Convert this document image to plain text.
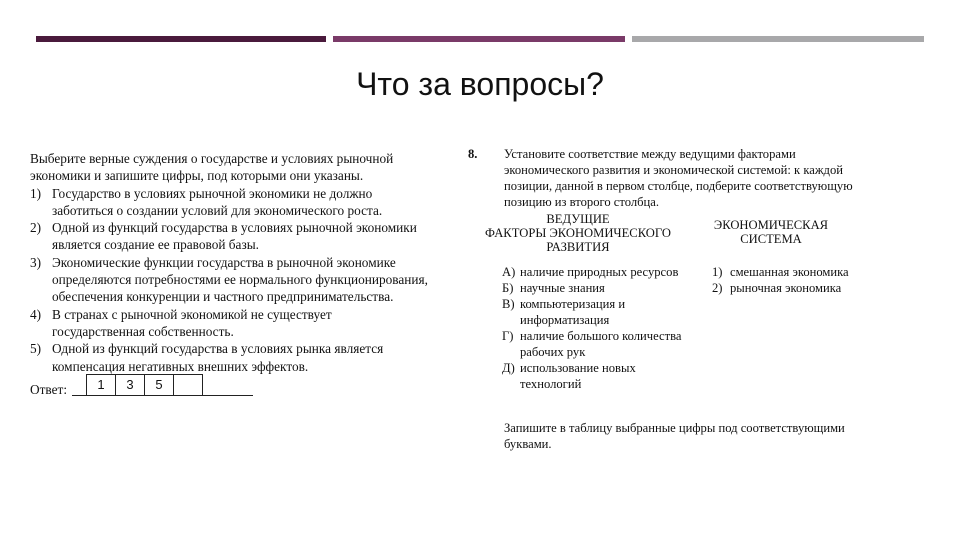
Что за вопросы?

Выберите верные суждения о государстве и условиях рыночной

экономики и запишите цифры, под которыми они указаны.

1) Государство в условиях рыночной экономики не должно заботиться о создании условий для экономического роста.
2) Одной из функций государства в условиях рыночной экономики является создание ее правовой базы.
3) Экономические функции государства в рыночной экономике определяются потребностями ее нормального функционирования, обеспечения конкуренции и частного предпринимательства.
4) В странах с рыночной экономикой не существует государственная собственность.
5) Одной из функций государства в условиях рынка является компенсация негативных внешних эффектов.
Ответ:	1	3	5
8. Установите соответствие между ведущими факторами экономического развития и экономической системой: к каждой позиции, данной в первом столбце, подберите соответствующую позицию из второго столбца.
ВЕДУЩИЕ
ФАКТОРЫ ЭКОНОМИЧЕСКОГО
РАЗВИТИЯ
ЭКОНОМИЧЕСКАЯ
СИСТЕМА
А) наличие природных ресурсов
Б) научные знания
В) компьютеризация и информатизация
Г) наличие большого количества рабочих рук
Д) использование новых технологий
1) смешанная экономика
2) рыночная экономика
Запишите в таблицу выбранные цифры под соответствующими буквами.
